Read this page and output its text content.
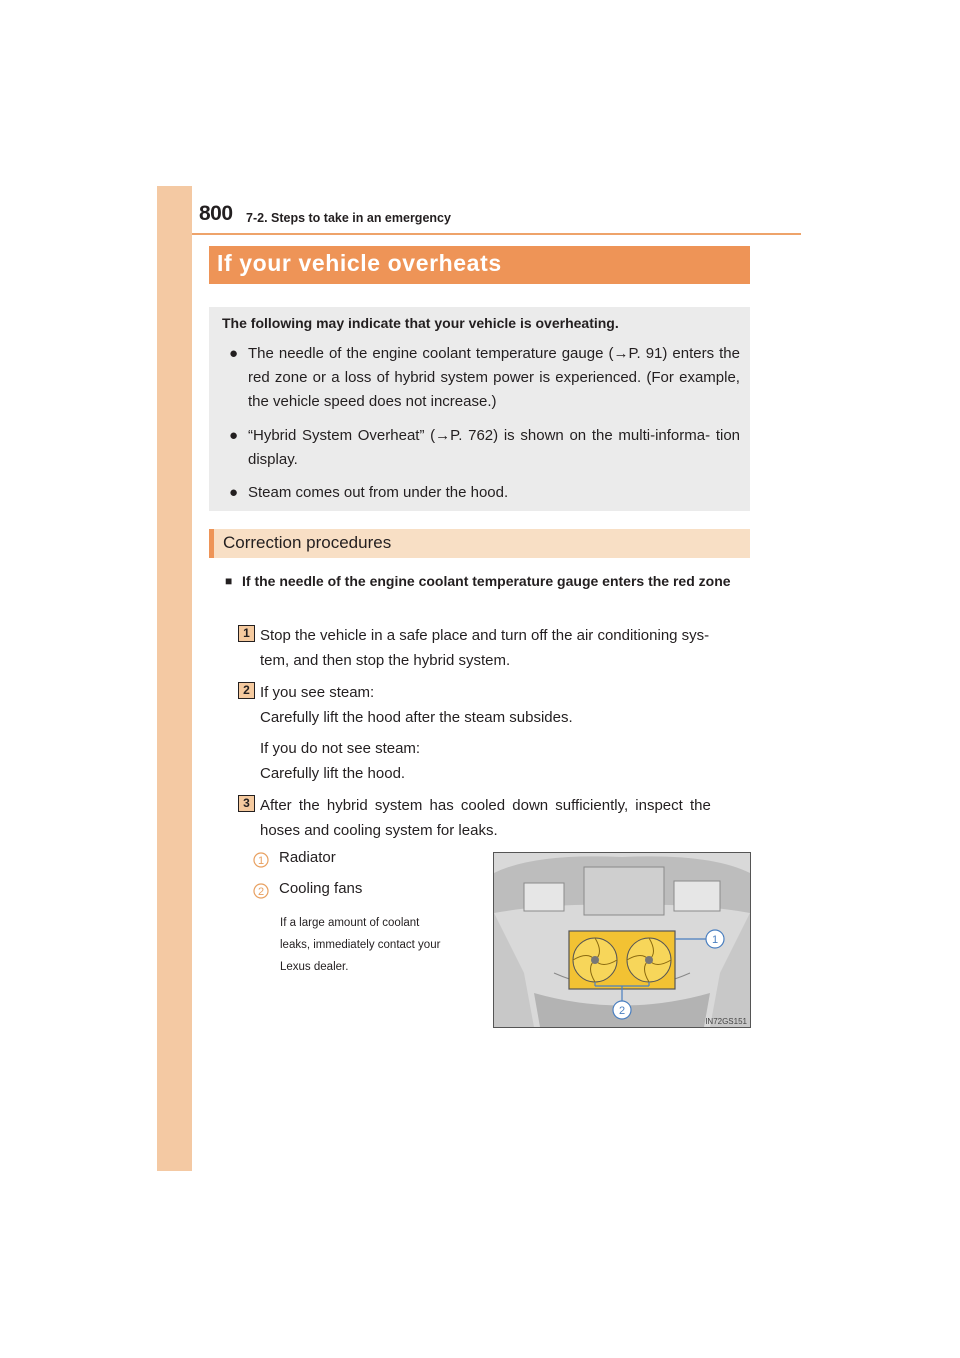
800 7-2. Steps to take in an emergency
If your vehicle overheats
The following may indicate that your vehicle is overheating.
● The needle of the engine coolant temperature gauge (→P. 91) enters the red zone or a loss of hybrid system power is experienced. (For example, the vehicle speed does not increase.)
● “Hybrid System Overheat” (→P. 762) is shown on the multi-informa- tion display.
● Steam comes out from under the hood.
Correction procedures
■ If the needle of the engine coolant temperature gauge enters the red zone
1 Stop the vehicle in a safe place and turn off the air conditioning sys-
tem, and then stop the hybrid system.
2 If you see steam:
Carefully lift the hood after the steam subsides.
If you do not see steam:
Carefully lift the hood.
3 After the hybrid system has cooled down sufficiently, inspect the
hoses and cooling system for leaks.
1 Radiator
2 Cooling fans
If a large amount of coolant
leaks, immediately contact your
Lexus dealer.
1
2
IN72GS151
